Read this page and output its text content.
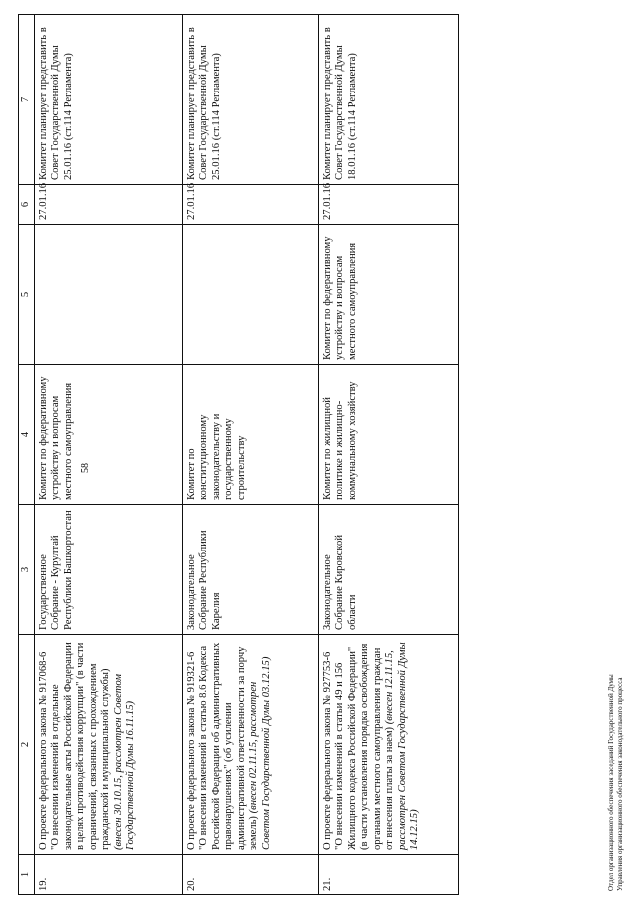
58
1	2	3	4	5	6	7
19.	О проекте федерального закона № 917068-6 "О внесении изменений в отдельные законодательные акты Российской Федерации в целях противодействия коррупции" (в части ограничений, связанных с прохождением гражданской и муниципальной службы) (внесен 30.10.15, рассмотрен Советом Государственной Думы 16.11.15)	Государственное Собрание - Курултай Республики Башкортостан	Комитет по федеративному устройству и вопросам местного самоуправления		27.01.16	Комитет планирует представить в Совет Государственной Думы 25.01.16 (ст.114 Регламента)
20.	О проекте федерального закона № 919321-6 "О внесении изменений в статью 8.6 Кодекса Российской Федерации об административных правонарушениях" (об усилении административной ответственности за порчу земель) (внесен 02.11.15, рассмотрен Советом Государственной Думы 03.12.15)	Законодательное Собрание Республики Карелия	Комитет по конституционному законодательству и государственному строительству		27.01.16	Комитет планирует представить в Совет Государственной Думы 25.01.16 (ст.114 Регламента)
21.	О проекте федерального закона № 927753-6 "О внесении изменений в статьи 49 и 156 Жилищного кодекса Российской Федерации" (в части установления порядка освобождения органами местного самоуправления граждан от внесения платы за наем) (внесен 12.11.15, рассмотрен Советом Государственной Думы 14.12.15)	Законодательное Собрание Кировской области	Комитет по жилищной политике и жилищно-коммунальному хозяйству	Комитет по федеративному устройству и вопросам местного самоуправления	27.01.16	Комитет планирует представить в Совет Государственной Думы 18.01.16 (ст.114 Регламента)
Отдел организационного обеспечения заседаний Государственной Думы Управления организационного обеспечения законодательного процесса
